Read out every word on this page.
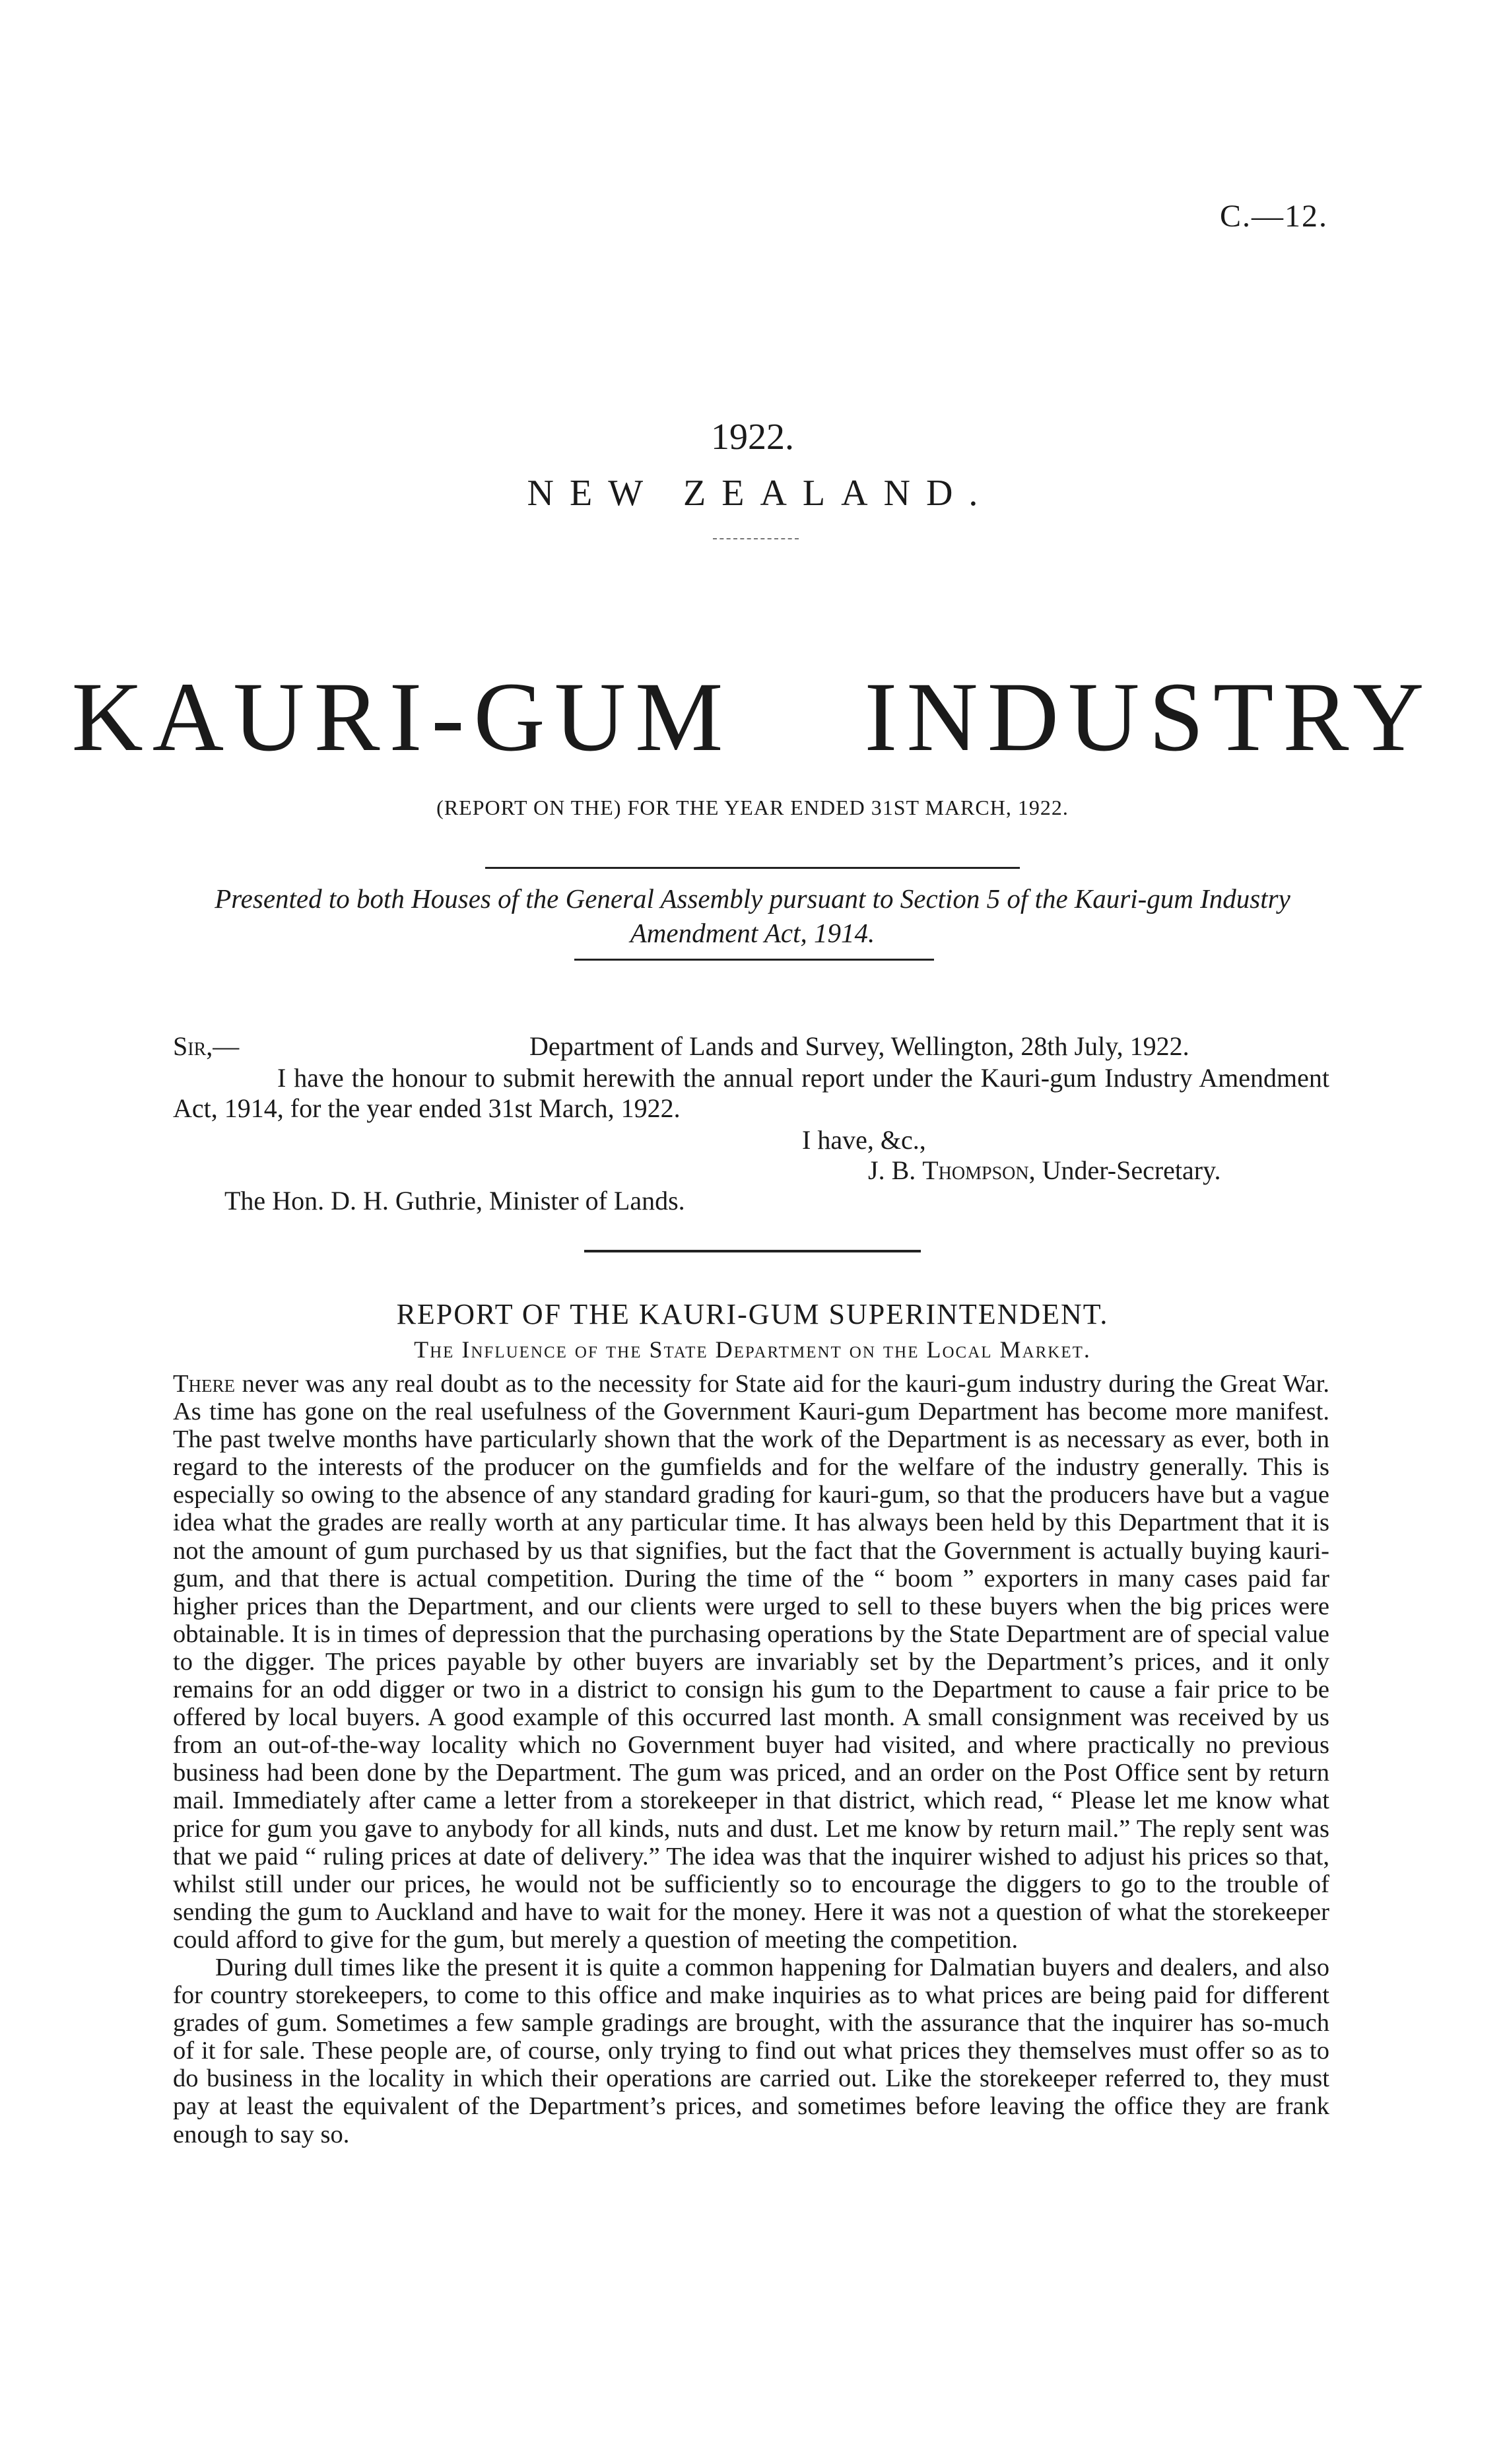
C.—12.
1922.
NEW ZEALAND.
KAURI-GUM INDUSTRY
(REPORT ON THE) FOR THE YEAR ENDED 31ST MARCH, 1922.
Presented to both Houses of the General Assembly pursuant to Section 5 of the Kauri-gum Industry Amendment Act, 1914.
Sir,—	Department of Lands and Survey, Wellington, 28th July, 1922.
I have the honour to submit herewith the annual report under the Kauri-gum Industry Amendment Act, 1914, for the year ended 31st March, 1922.
I have, &c.,
J. B. Thompson, Under-Secretary.
The Hon. D. H. Guthrie, Minister of Lands.
REPORT OF THE KAURI-GUM SUPERINTENDENT.
The Influence of the State Department on the Local Market.

There never was any real doubt as to the necessity for State aid for the kauri-gum industry during the Great War. As time has gone on the real usefulness of the Government Kauri-gum Department has become more manifest. The past twelve months have particularly shown that the work of the Department is as necessary as ever, both in regard to the interests of the producer on the gumfields and for the welfare of the industry generally. This is especially so owing to the absence of any standard grading for kauri-gum, so that the producers have but a vague idea what the grades are really worth at any particular time. It has always been held by this Department that it is not the amount of gum purchased by us that signifies, but the fact that the Government is actually buying kauri-gum, and that there is actual competition. During the time of the “ boom ” exporters in many cases paid far higher prices than the Department, and our clients were urged to sell to these buyers when the big prices were obtainable. It is in times of depression that the purchasing operations by the State Department are of special value to the digger. The prices payable by other buyers are invariably set by the Department’s prices, and it only remains for an odd digger or two in a district to consign his gum to the Department to cause a fair price to be offered by local buyers. A good example of this occurred last month. A small consignment was received by us from an out-of-the-way locality which no Government buyer had visited, and where practically no previous business had been done by the Department. The gum was priced, and an order on the Post Office sent by return mail. Immediately after came a letter from a storekeeper in that district, which read, “ Please let me know what price for gum you gave to anybody for all kinds, nuts and dust. Let me know by return mail.” The reply sent was that we paid “ ruling prices at date of delivery.” The idea was that the inquirer wished to adjust his prices so that, whilst still under our prices, he would not be sufficiently so to encourage the diggers to go to the trouble of sending the gum to Auckland and have to wait for the money. Here it was not a question of what the storekeeper could afford to give for the gum, but merely a question of meeting the competition.

During dull times like the present it is quite a common happening for Dalmatian buyers and dealers, and also for country storekeepers, to come to this office and make inquiries as to what prices are being paid for different grades of gum. Sometimes a few sample gradings are brought, with the assurance that the inquirer has so-much of it for sale. These people are, of course, only trying to find out what prices they themselves must offer so as to do business in the locality in which their operations are carried out. Like the storekeeper referred to, they must pay at least the equivalent of the Department’s prices, and sometimes before leaving the office they are frank enough to say so.
